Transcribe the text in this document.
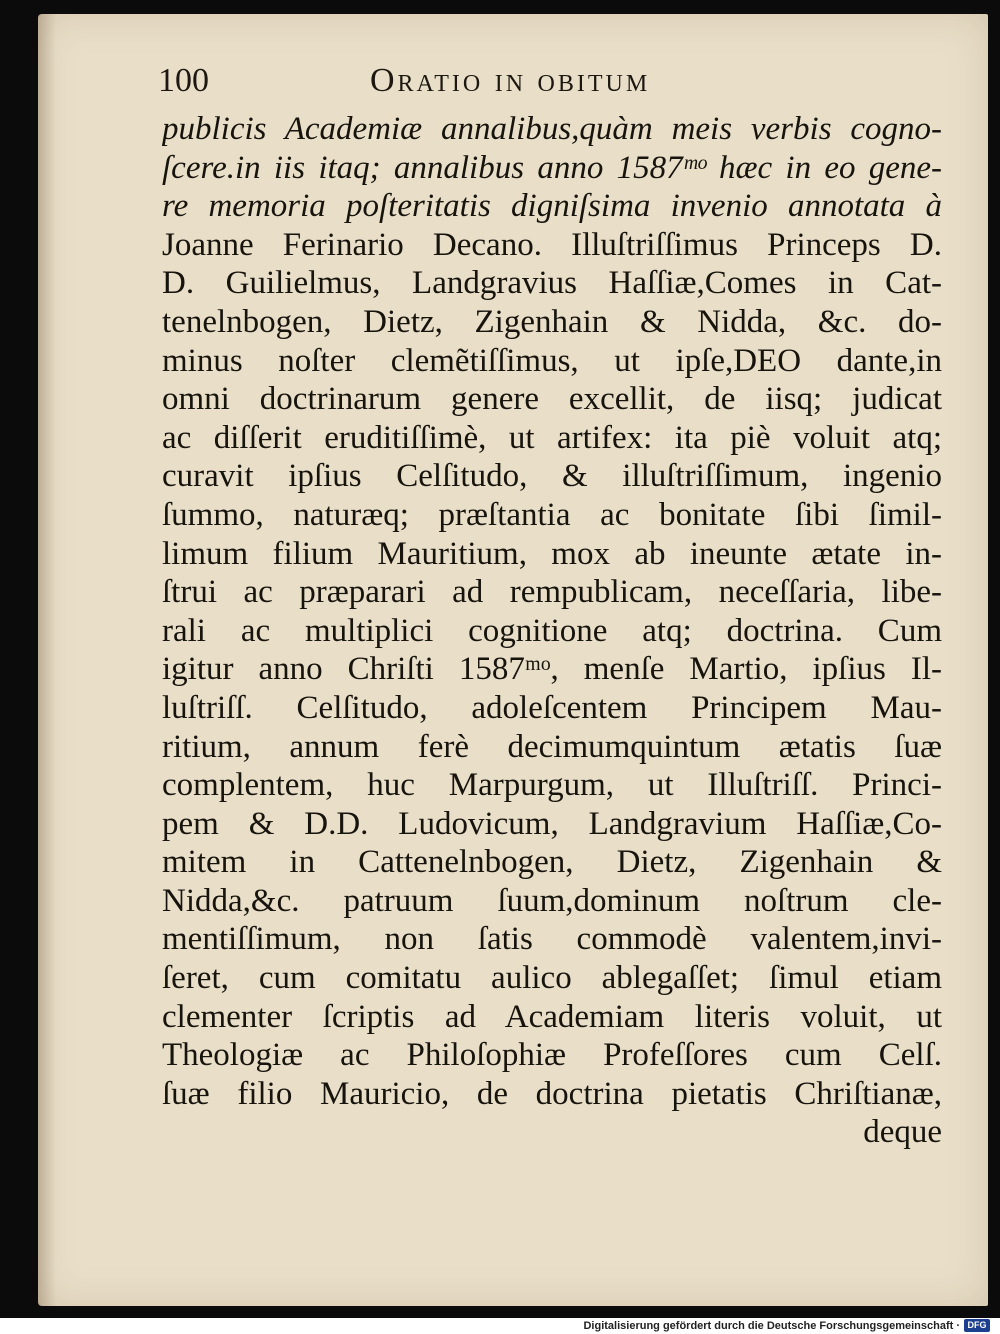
100	Oratio in obitum
publicis Academiæ annalibus,quàm meis verbis cogno-
ſcere.in iis itaq; annalibus anno 1587ᵐᵒ hæc in eo gene-
re memoria poſteritatis digniſsima invenio annotata à
Joanne Ferinario Decano. Illuſtriſſimus Princeps D.
D. Guilielmus, Landgravius Haſſiæ,Comes in Cat-
tenelnbogen, Dietz, Zigenhain & Nidda, &c. do-
minus noſter clemẽtiſſimus, ut ipſe,DEO dante,in
omni doctrinarum genere excellit, de iisq; judicat
ac diſſerit eruditiſſimè, ut artifex: ita piè voluit atq;
curavit ipſius Celſitudo, & illuſtriſſimum, ingenio
ſummo, naturæq; præſtantia ac bonitate ſibi ſimil-
limum filium Mauritium, mox ab ineunte ætate in-
ſtrui ac præparari ad rempublicam, neceſſaria, libe-
rali ac multiplici cognitione atq; doctrina. Cum
igitur anno Chriſti 1587ᵐᵒ, menſe Martio, ipſius Il-
luſtriſſ. Celſitudo, adoleſcentem Principem Mau-
ritium, annum ferè decimumquintum ætatis ſuæ
complentem, huc Marpurgum, ut Illuſtriſſ. Princi-
pem & D.D. Ludovicum, Landgravium Haſſiæ,Co-
mitem in Cattenelnbogen, Dietz, Zigenhain &
Nidda,&c. patruum ſuum,dominum noſtrum cle-
mentiſſimum, non ſatis commodè valentem,invi-
ſeret, cum comitatu aulico ablegaſſet; ſimul etiam
clementer ſcriptis ad Academiam literis voluit, ut
Theologiæ ac Philoſophiæ Profeſſores cum Celſ.
ſuæ filio Mauricio, de doctrina pietatis Chriſtianæ,
deque
Digitalisierung gefördert durch die Deutsche Forschungsgemeinschaft · DFG
